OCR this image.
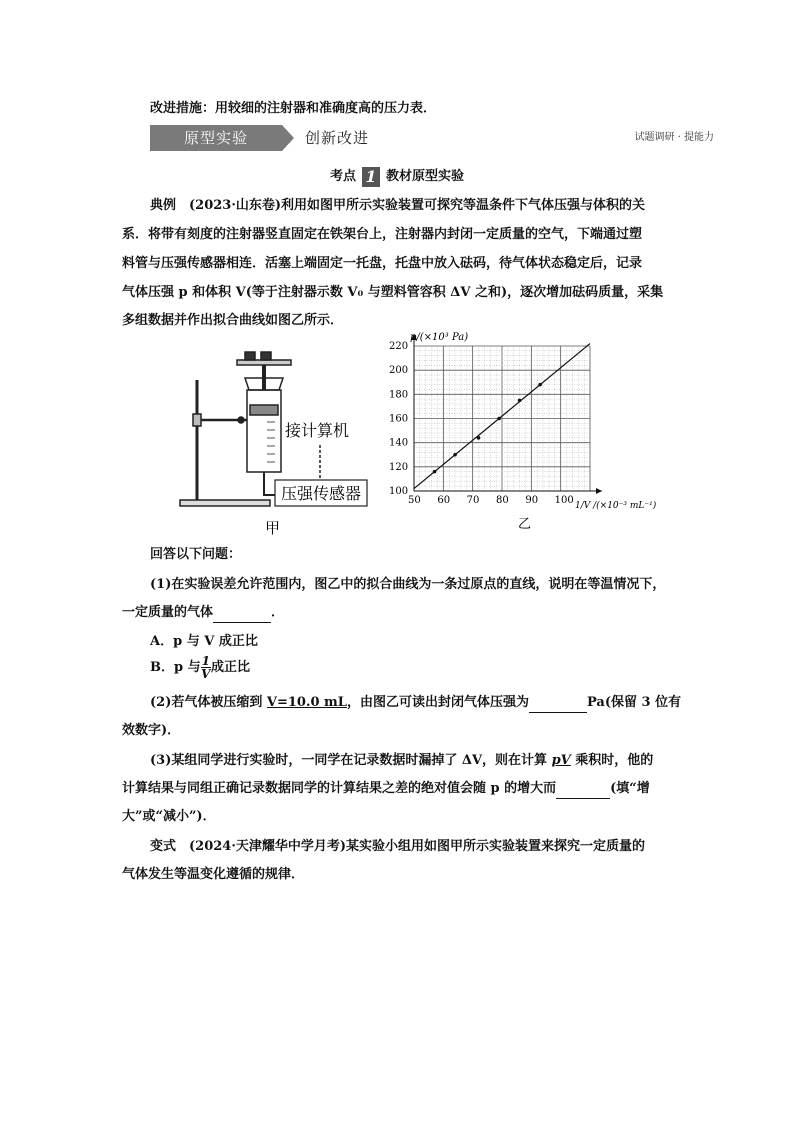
改进措施：用较细的注射器和准确度高的压力表．
原型实验	创新改进	试题调研 · 提能力
考点 1 教材原型实验
典例　(2023·山东卷)利用如图甲所示实验装置可探究等温条件下气体压强与体积的关
系．将带有刻度的注射器竖直固定在铁架台上，注射器内封闭一定质量的空气，下端通过塑
料管与压强传感器相连．活塞上端固定一托盘，托盘中放入砝码，待气体状态稳定后，记录
气体压强 p 和体积 V(等于注射器示数 V₀ 与塑料管容积 ΔV 之和)，逐次增加砝码质量，采集
多组数据并作出拟合曲线如图乙所示．
压强传感器
接计算机
甲
50 60 70 80 90 100
100
120
140
160
180
200
220
p/(×10³ Pa)
1/V /(×10⁻³ mL⁻¹)
乙
回答以下问题：
(1)在实验误差允许范围内，图乙中的拟合曲线为一条过原点的直线，说明在等温情况下，
一定质量的气体	．
A．p 与 V 成正比
B．p 与 $\frac{1}{V}$ 成正比
(2)若气体被压缩到 V=10.0 mL，由图乙可读出封闭气体压强为	Pa(保留 3 位有
效数字)．
(3)某组同学进行实验时，一同学在记录数据时漏掉了 ΔV，则在计算 pV 乘积时，他的
计算结果与同组正确记录数据同学的计算结果之差的绝对值会随 p 的增大而	(填“增
大”或“减小”)．
变式　(2024·天津耀华中学月考)某实验小组用如图甲所示实验装置来探究一定质量的
气体发生等温变化遵循的规律．
